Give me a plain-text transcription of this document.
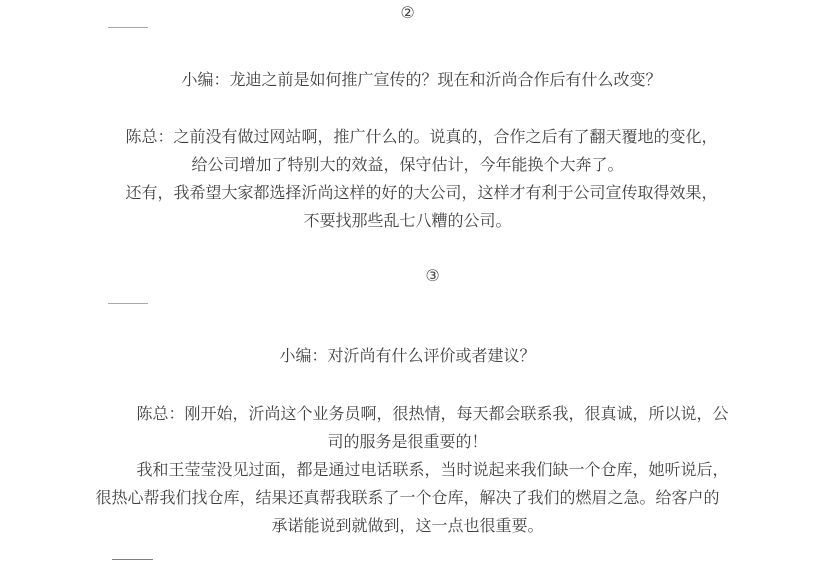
②
小编：龙迪之前是如何推广宣传的？现在和沂尚合作后有什么改变？
陈总：之前没有做过网站啊，推广什么的。说真的，合作之后有了翻天覆地的变化，
给公司增加了特别大的效益，保守估计，今年能换个大奔了。
还有，我希望大家都选择沂尚这样的好的大公司，这样才有利于公司宣传取得效果，
不要找那些乱七八糟的公司。
③
小编：对沂尚有什么评价或者建议？
陈总：刚开始，沂尚这个业务员啊，很热情，每天都会联系我，很真诚，所以说，公
司的服务是很重要的！
我和王莹莹没见过面，都是通过电话联系，当时说起来我们缺一个仓库，她听说后，
很热心帮我们找仓库，结果还真帮我联系了一个仓库，解决了我们的燃眉之急。给客户的
承诺能说到就做到，这一点也很重要。
